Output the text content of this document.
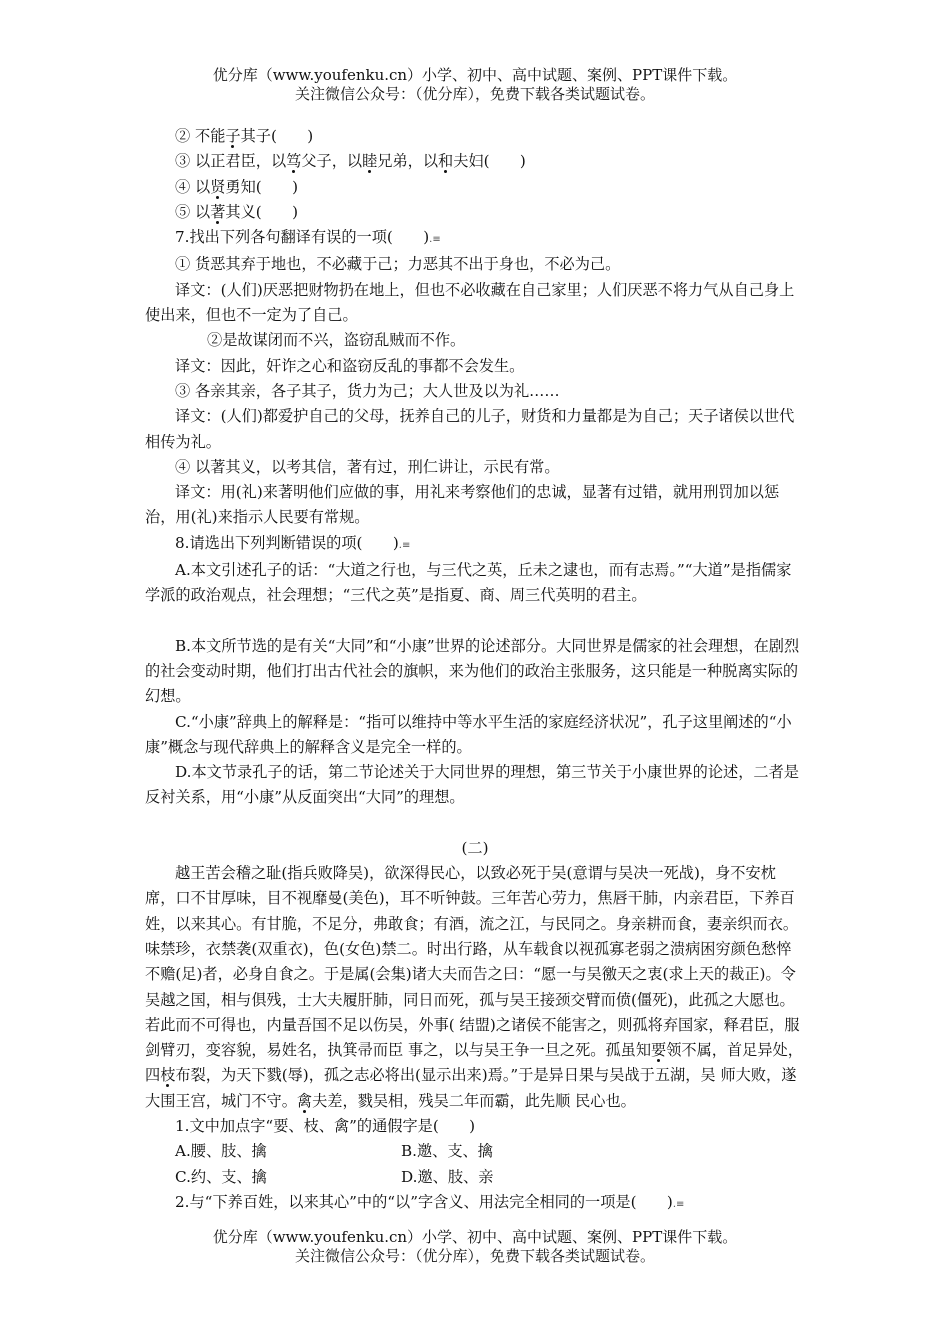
优分库（www.youfenku.cn）小学、初中、高中试题、案例、PPT课件下载。
关注微信公众号：（优分库），免费下载各类试题试卷。

② 不能子其子(　　)

③ 以正君臣，以笃父子，以睦兄弟，以和夫妇(　　)

④ 以贤勇知(　　)

⑤ 以著其义(　　)

7.找出下列各句翻译有误的一项(　　).≡

① 货恶其弃于地也，不必藏于己；力恶其不出于身也，不必为己。

译文：(人们)厌恶把财物扔在地上，但也不必收藏在自己家里；人们厌恶不将力气从自己身上使出来，但也不一定为了自己。

②是故谋闭而不兴，盗窃乱贼而不作。

译文：因此，奸诈之心和盗窃反乱的事都不会发生。

③ 各亲其亲，各子其子，货力为己；大人世及以为礼……

译文：(人们)都爱护自己的父母，抚养自己的儿子，财货和力量都是为自己；天子诸侯以世代相传为礼。

④ 以著其义，以考其信，著有过，刑仁讲让，示民有常。

译文：用(礼)来著明他们应做的事，用礼来考察他们的忠诚，显著有过错，就用刑罚加以惩治，用(礼)来指示人民要有常规。

8.请选出下列判断错误的项(　　).≡

A.本文引述孔子的话：“大道之行也，与三代之英，丘未之逮也，而有志焉。”“大道”是指儒家学派的政治观点，社会理想；“三代之英”是指夏、商、周三代英明的君主。

B.本文所节选的是有关“大同”和“小康”世界的论述部分。大同世界是儒家的社会理想，在剧烈的社会变动时期，他们打出古代社会的旗帜，来为他们的政治主张服务，这只能是一种脱离实际的幻想。

C.“小康”辞典上的解释是：“指可以维持中等水平生活的家庭经济状况”，孔子这里阐述的“小康”概念与现代辞典上的解释含义是完全一样的。

D.本文节录孔子的话，第二节论述关于大同世界的理想，第三节关于小康世界的论述，二者是反衬关系，用“小康”从反面突出“大同”的理想。

(二)

越王苦会稽之耻(指兵败降吴)，欲深得民心，以致必死于吴(意谓与吴决一死战)，身不安枕 席，口不甘厚味，目不视靡曼(美色)，耳不听钟鼓。三年苦心劳力，焦唇干肺，内亲君臣，下养百姓，以来其心。有甘脆，不足分，弗敢食；有酒，流之江，与民同之。身亲耕而食，妻亲织而衣。味禁珍，衣禁袭(双重衣)，色(女色)禁二。时出行路，从车载食以视孤寡老弱之溃病困穷颜色愁悴不赡(足)者，必身自食之。于是属(会集)诸大夫而告之曰：“愿一与吴徼天之衷(求上天的裁正)。令吴越之国，相与俱残，士大夫履肝肺，同日而死，孤与吴王接颈交臂而偾(僵死)，此孤之大愿也。若此而不可得也，内量吾国不足以伤吴，外事( 结盟)之诸侯不能害之，则孤将弃国家，释君臣，服剑臂刃，变容貌，易姓名，执箕帚而臣 事之，以与吴王争一旦之死。孤虽知要领不属，首足异处，四枝布裂，为天下戮(辱)，孤之志必将出(显示出来)焉。”于是异日果与吴战于五湖，吴 师大败，遂大围王宫，城门不守。禽夫差，戮吴相，残吴二年而霸，此先顺 民心也。

1.文中加点字“要、枝、禽”的通假字是(　　)

A.腰、肢、擒	B.邀、支、擒
C.约、支、擒	D.邀、肢、亲

2.与“下养百姓，以来其心”中的“以”字含义、用法完全相同的一项是(　　).≡

优分库（www.youfenku.cn）小学、初中、高中试题、案例、PPT课件下载。
关注微信公众号：（优分库），免费下载各类试题试卷。
